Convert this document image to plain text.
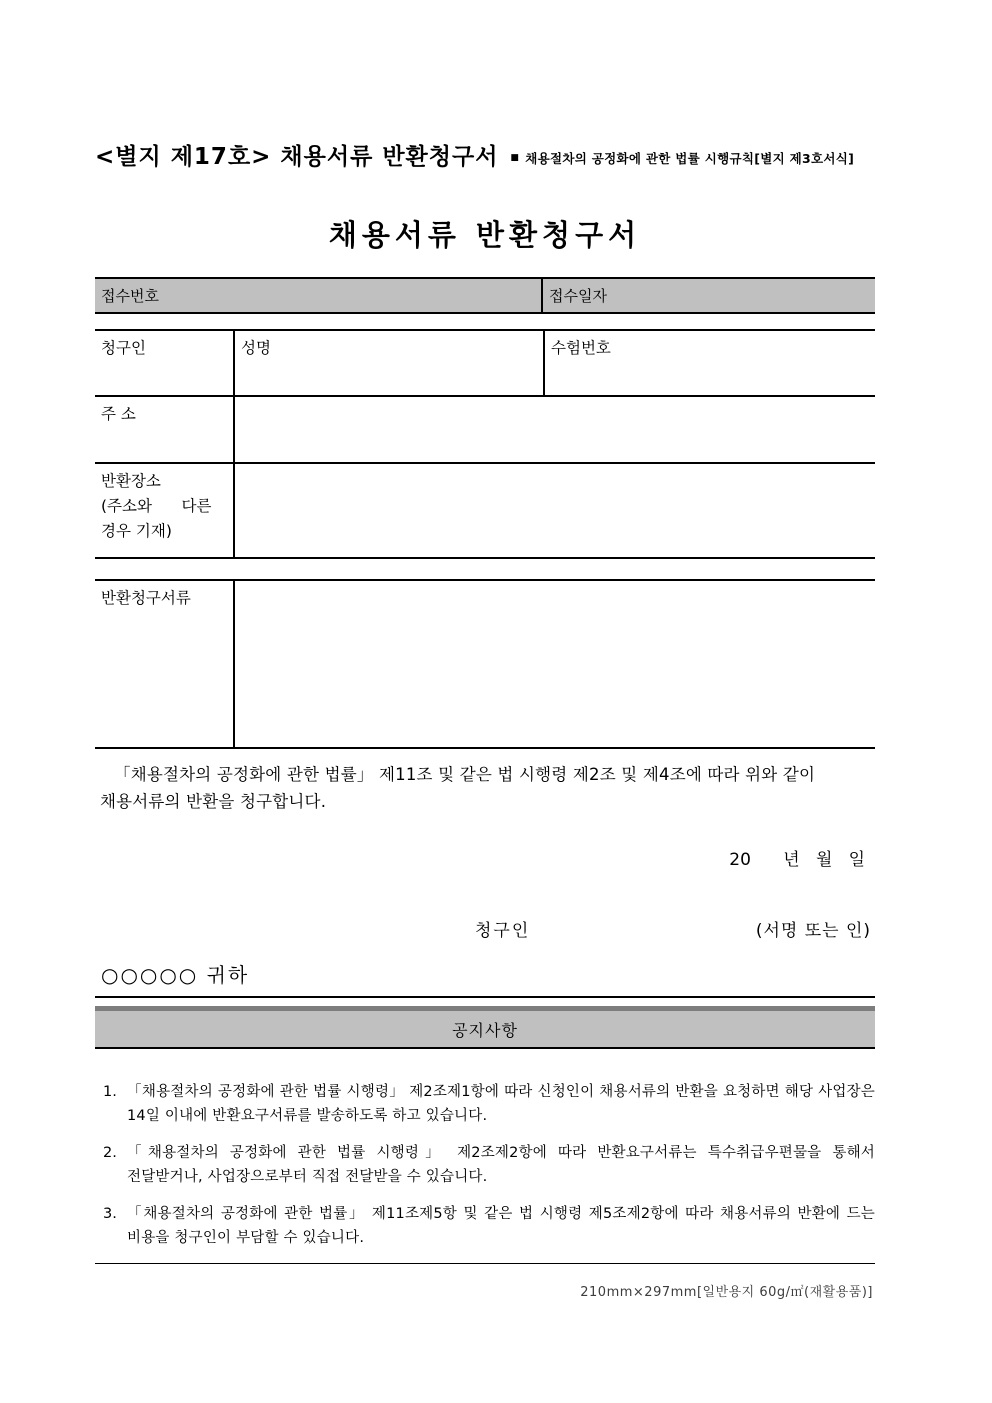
<별지 제17호> 채용서류 반환청구서 ■ 채용절차의 공정화에 관한 법률 시행규칙[별지 제3호서식]
채용서류 반환청구서
접수번호	접수일자
청구인	성명	수험번호
주 소
반환장소
(주소와      다른
경우 기재)
반환청구서류
「채용절차의 공정화에 관한 법률」 제11조 및 같은 법 시행령 제2조 및 제4조에 따라 위와 같이 채용서류의 반환을 청구합니다.
20      년   월   일
청구인	(서명 또는 인)
○○○○○ 귀하
공지사항
1. 「채용절차의 공정화에 관한 법률 시행령」 제2조제1항에 따라 신청인이 채용서류의 반환을 요청하면 해당 사업장은 14일 이내에 반환요구서류를 발송하도록 하고 있습니다.
2. 「채용절차의 공정화에 관한 법률 시행령」 제2조제2항에 따라 반환요구서류는 특수취급우편물을 통해서 전달받거나, 사업장으로부터 직접 전달받을 수 있습니다.
3. 「채용절차의 공정화에 관한 법률」 제11조제5항 및 같은 법 시행령 제5조제2항에 따라 채용서류의 반환에 드는 비용을 청구인이 부담할 수 있습니다.
210mm×297mm[일반용지 60g/㎡(재활용품)]
